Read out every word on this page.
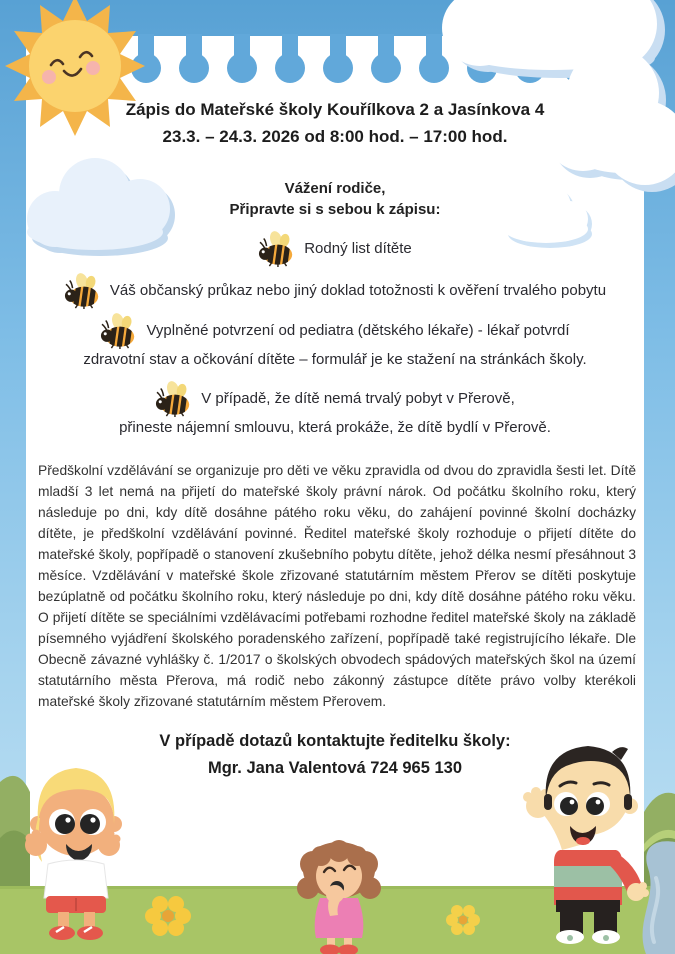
Zápis do Mateřské školy Kouřílkova 2 a Jasínkova 4
23.3. – 24.3. 2026 od 8:00 hod. – 17:00 hod.
Vážení rodiče,
Připravte si s sebou k zápisu:
Rodný list dítěte
Váš občanský průkaz nebo jiný doklad totožnosti k ověření trvalého pobytu
Vyplněné potvrzení od pediatra (dětského lékaře) - lékař potvrdí
zdravotní stav a očkování dítěte – formulář je ke stažení na stránkách školy.
V případě, že dítě nemá trvalý pobyt v Přerově,
přineste nájemní smlouvu, která prokáže, že dítě bydlí v Přerově.

Předškolní vzdělávání se organizuje pro děti ve věku zpravidla od dvou do zpravidla šesti let. Dítě mladší 3 let nemá na přijetí do mateřské školy právní nárok. Od počátku školního roku, který následuje po dni, kdy dítě dosáhne pátého roku věku, do zahájení povinné školní docházky dítěte, je předškolní vzdělávání povinné. Ředitel mateřské školy rozhoduje o přijetí dítěte do mateřské školy, popřípadě o stanovení zkušebního pobytu dítěte, jehož délka nesmí přesáhnout 3 měsíce. Vzdělávání v mateřské škole zřizované statutárním městem Přerov se dítěti poskytuje bezúplatně od počátku školního roku, který následuje po dni, kdy dítě dosáhne pátého roku věku. O přijetí dítěte se speciálními vzdělávacími potřebami rozhodne ředitel mateřské školy na základě písemného vyjádření školského poradenského zařízení, popřípadě také registrujícího lékaře. Dle Obecně závazné vyhlášky č. 1/2017 o školských obvodech spádových mateřských škol na území statutárního města Přerova, má rodič nebo zákonný zástupce dítěte právo volby kterékoli mateřské školy zřizované statutárním městem Přerovem.

V případě dotazů kontaktujte ředitelku školy:
Mgr. Jana Valentová 724 965 130
